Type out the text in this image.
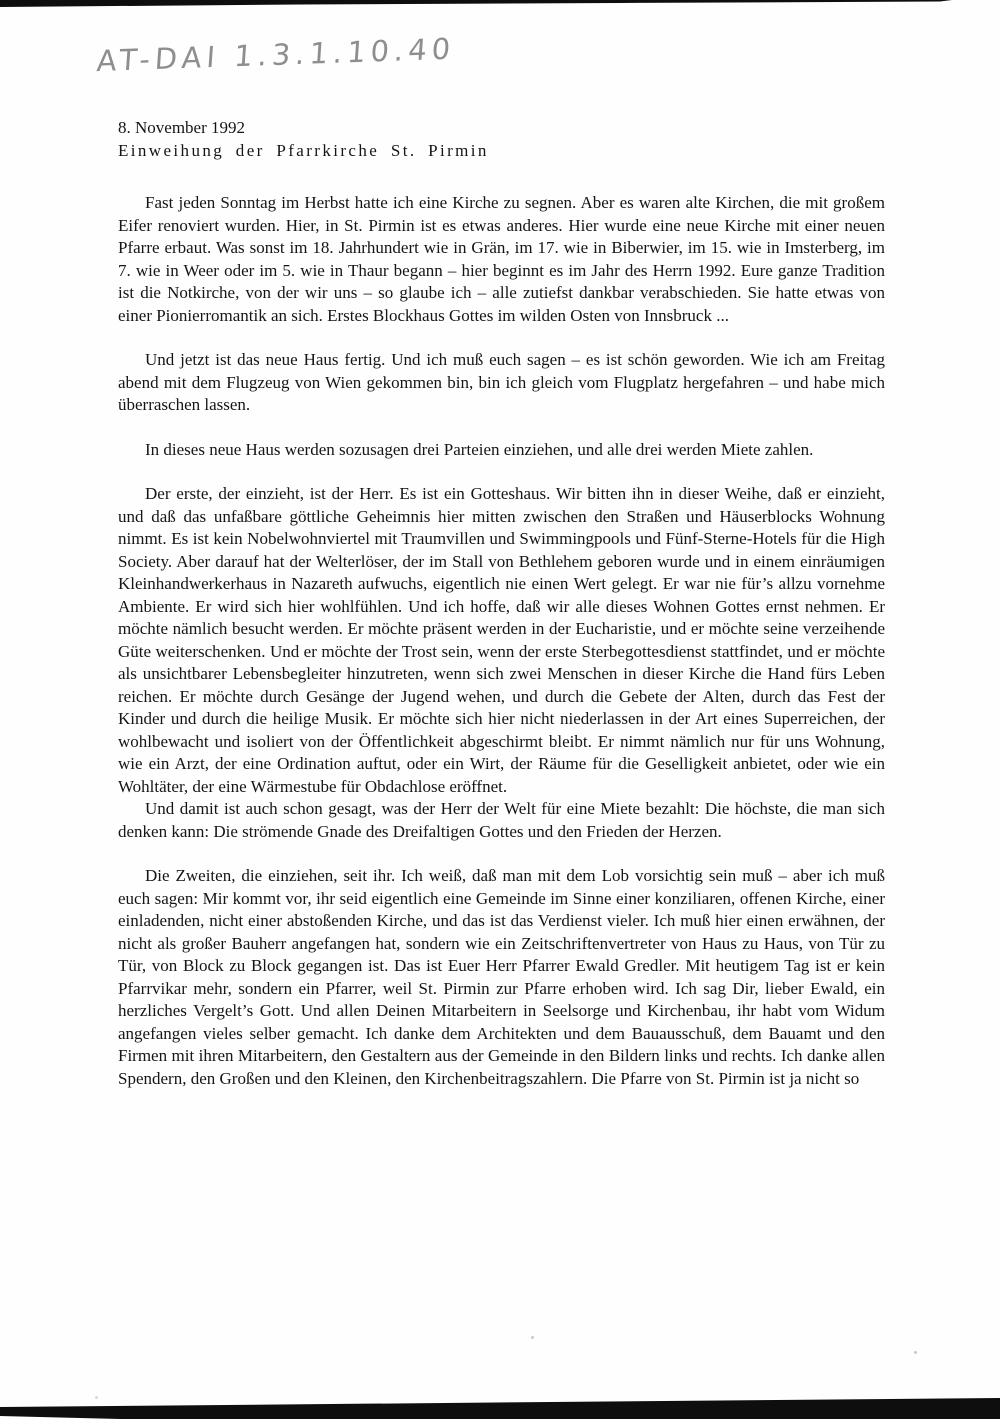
AT-DAI 1.3.1.10.40
8. November 1992
Einweihung der Pfarrkirche St. Pirmin

Fast jeden Sonntag im Herbst hatte ich eine Kirche zu segnen. Aber es waren alte Kirchen, die mit großem Eifer renoviert wurden. Hier, in St. Pirmin ist es etwas anderes. Hier wurde eine neue Kirche mit einer neuen Pfarre erbaut. Was sonst im 18. Jahrhundert wie in Grän, im 17. wie in Biberwier, im 15. wie in Imsterberg, im 7. wie in Weer oder im 5. wie in Thaur begann – hier beginnt es im Jahr des Herrn 1992. Eure ganze Tradition ist die Notkirche, von der wir uns – so glaube ich – alle zutiefst dankbar verabschieden. Sie hatte etwas von einer Pionierromantik an sich. Erstes Blockhaus Gottes im wilden Osten von Innsbruck ...

Und jetzt ist das neue Haus fertig. Und ich muß euch sagen – es ist schön geworden. Wie ich am Freitag abend mit dem Flugzeug von Wien gekommen bin, bin ich gleich vom Flugplatz hergefahren – und habe mich überraschen lassen.

In dieses neue Haus werden sozusagen drei Parteien einziehen, und alle drei werden Miete zahlen.

Der erste, der einzieht, ist der Herr. Es ist ein Gotteshaus. Wir bitten ihn in dieser Weihe, daß er einzieht, und daß das unfaßbare göttliche Geheimnis hier mitten zwischen den Straßen und Häuserblocks Wohnung nimmt. Es ist kein Nobelwohnviertel mit Traumvillen und Swimmingpools und Fünf-Sterne-Hotels für die High Society. Aber darauf hat der Welterlöser, der im Stall von Bethlehem geboren wurde und in einem einräumigen Kleinhandwerkerhaus in Nazareth aufwuchs, eigentlich nie einen Wert gelegt. Er war nie für’s allzu vornehme Ambiente. Er wird sich hier wohlfühlen. Und ich hoffe, daß wir alle dieses Wohnen Gottes ernst nehmen. Er möchte nämlich besucht werden. Er möchte präsent werden in der Eucharistie, und er möchte seine verzeihende Güte weiterschenken. Und er möchte der Trost sein, wenn der erste Sterbegottesdienst stattfindet, und er möchte als unsichtbarer Lebensbegleiter hinzutreten, wenn sich zwei Menschen in dieser Kirche die Hand fürs Leben reichen. Er möchte durch Gesänge der Jugend wehen, und durch die Gebete der Alten, durch das Fest der Kinder und durch die heilige Musik. Er möchte sich hier nicht niederlassen in der Art eines Superreichen, der wohlbewacht und isoliert von der Öffentlichkeit abgeschirmt bleibt. Er nimmt nämlich nur für uns Wohnung, wie ein Arzt, der eine Ordination auftut, oder ein Wirt, der Räume für die Geselligkeit anbietet, oder wie ein Wohltäter, der eine Wärmestube für Obdachlose eröffnet.

Und damit ist auch schon gesagt, was der Herr der Welt für eine Miete bezahlt: Die höchste, die man sich denken kann: Die strömende Gnade des Dreifaltigen Gottes und den Frieden der Herzen.

Die Zweiten, die einziehen, seit ihr. Ich weiß, daß man mit dem Lob vorsichtig sein muß – aber ich muß euch sagen: Mir kommt vor, ihr seid eigentlich eine Gemeinde im Sinne einer konziliaren, offenen Kirche, einer einladenden, nicht einer abstoßenden Kirche, und das ist das Verdienst vieler. Ich muß hier einen erwähnen, der nicht als großer Bauherr angefangen hat, sondern wie ein Zeitschriftenvertreter von Haus zu Haus, von Tür zu Tür, von Block zu Block gegangen ist. Das ist Euer Herr Pfarrer Ewald Gredler. Mit heutigem Tag ist er kein Pfarrvikar mehr, sondern ein Pfarrer, weil St. Pirmin zur Pfarre erhoben wird. Ich sag Dir, lieber Ewald, ein herzliches Vergelt’s Gott. Und allen Deinen Mitarbeitern in Seelsorge und Kirchenbau, ihr habt vom Widum angefangen vieles selber gemacht. Ich danke dem Architekten und dem Bauausschuß, dem Bauamt und den Firmen mit ihren Mitarbeitern, den Gestaltern aus der Gemeinde in den Bildern links und rechts. Ich danke allen Spendern, den Großen und den Kleinen, den Kirchenbeitragszahlern. Die Pfarre von St. Pirmin ist ja nicht so
